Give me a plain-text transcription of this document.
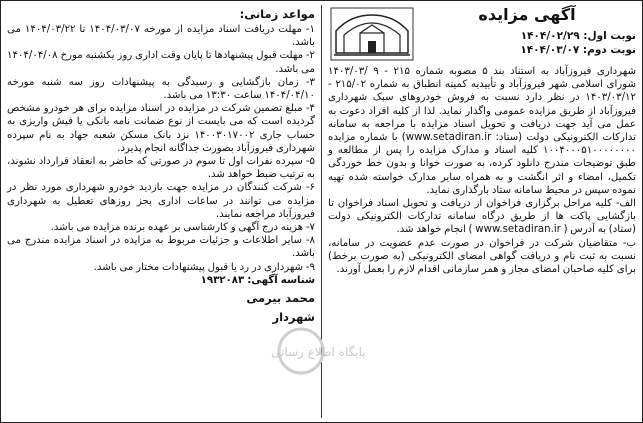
آگهی مزایده
نوبت اول: ۱۴۰۴/۰۲/۲۹
نوبت دوم: ۱۴۰۴/۰۳/۰۷

شهرداری فیروزآباد به استناد بند ۵ مصوبه شماره ۲۱۵ - ۹ /۱۴۰۳/۰۳ شورای اسلامی شهر فیروزآباد و تأییدیه کمیته انطباق به شماره ۲۱۵/۰۲ - ۱۴۰۳/۰۳/۱۲ در نظر دارد نسبت به فروش خودروهای سبک شهرداری فیروزآباد از طریق مزایده عمومی واگذار نماید. لذا از کلیه افراد دعوت به عمل می آید جهت دریافت و تحویل اسناد مزایده با مراجعه به سامانه تدارکات الکترونیکی دولت (ستاد: www.setadiran.ir) با شماره مزایده ۱۰۰۴۰۰۰۵۱۰۰۰۰۰۰۰۰ کلیه اسناد و مدارک مزایده را پس از مطالعه و طبق توضیحات مندرج دانلود کرده، به صورت خوانا و بدون خط خوردگی تکمیل، امضاء و اثر انگشت و به همراه سایر مدارک خواسته شده تهیه نموده سپس در محیط سامانه ستاد بارگذاری نماید.

الف- کلیه مراحل برگزاری فراخوان از دریافت و تحویل اسناد فراخوان تا بازگشایی پاکت ها از طریق درگاه سامانه تدارکات الکترونیکی دولت (ستاد) به آدرس ( www.setadiran.ir ) انجام خواهد شد.

ب- متقاضیان شرکت در فراخوان در صورت عدم عضویت در سامانه، نسبت به ثبت نام و دریافت گواهی امضای الکترونیکی (به صورت برخط) برای کلیه صاحبان امضای مجاز و همر سازمانی اقدام لازم را بعمل آورند.

مواعد زمانی:

۱- مهلت دریافت اسناد مزایده از مورخه ۱۴۰۴/۰۳/۰۷ تا ۱۴۰۴/۰۳/۲۲ می باشد.

۲- مهلت قبول پیشنهادها تا پایان وقت اداری روز یکشنبه مورخ ۱۴۰۴/۰۴/۰۸ می باشد.

۳- زمان بازگشایی و رسیدگی به پیشنهادات روز سه شنبه مورخه ۱۴۰۴/۰۴/۱۰ ساعت ۱۳:۳۰ می باشد.

۴- مبلغ تضمین شرکت در مزایده در اسناد مزایده برای هر خودرو مشخص گردیده است که می بایست از نوع ضمانت نامه بانکی یا فیش واریزی به حساب جاری ۱۴۰۰۳۰۱۷۰۰۲ نزد بانک مسکن شعبه جهاد به نام سپرده شهرداری فیروزآباد بصورت جداگانه انجام پذیرد.

۵- سپرده نفرات اول تا سوم در صورتی که حاضر به انعقاد قرارداد نشوند، به ترتیب ضبط خواهد شد.

۶- شرکت کنندگان در مزایده جهت بازدید خودرو شهرداری مورد نظر در مزایده می توانند در ساعات اداری بجز روزهای تعطیل به شهرداری فیروزآباد مراجعه نمایند.

۷- هزینه درج آگهی و کارشناسی بر عهده برنده مزایده می باشد.

۸- سایر اطلاعات و جزئیات مربوط به مزایده در اسناد مزایده مندرج می باشد.

۹- شهرداری در رد یا قبول پیشنهادات مختار می باشد.

شناسه آگهی: ۱۹۳۲۰۸۳

محمد بیرمی
شهردار
پایگاه اطلاع رسانی
